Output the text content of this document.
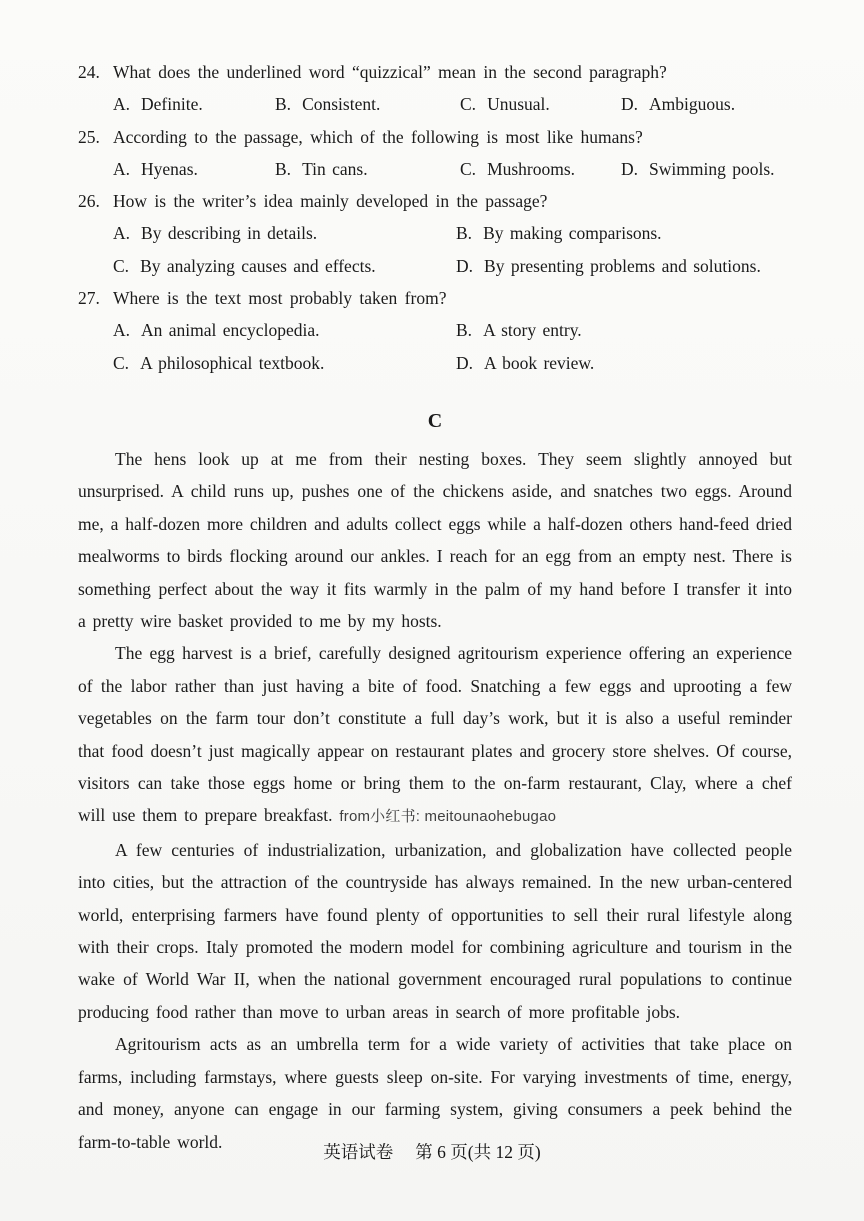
24. What does the underlined word “quizzical” mean in the second paragraph?
A. Definite.	B. Consistent.	C. Unusual.	D. Ambiguous.
25. According to the passage, which of the following is most like humans?
A. Hyenas.	B. Tin cans.	C. Mushrooms.	D. Swimming pools.
26. How is the writer’s idea mainly developed in the passage?
A. By describing in details.	B. By making comparisons.
C. By analyzing causes and effects.	D. By presenting problems and solutions.
27. Where is the text most probably taken from?
A. An animal encyclopedia.	B. A story entry.
C. A philosophical textbook.	D. A book review.
C

The hens look up at me from their nesting boxes. They seem slightly annoyed but unsurprised. A child runs up, pushes one of the chickens aside, and snatches two eggs. Around me, a half-dozen more children and adults collect eggs while a half-dozen others hand-feed dried mealworms to birds flocking around our ankles. I reach for an egg from an empty nest. There is something perfect about the way it fits warmly in the palm of my hand before I transfer it into a pretty wire basket provided to me by my hosts.

The egg harvest is a brief, carefully designed agritourism experience offering an experience of the labor rather than just having a bite of food. Snatching a few eggs and uprooting a few vegetables on the farm tour don’t constitute a full day’s work, but it is also a useful reminder that food doesn’t just magically appear on restaurant plates and grocery store shelves. Of course, visitors can take those eggs home or bring them to the on-farm restaurant, Clay, where a chef will use them to prepare breakfast. from小红书: meitounaohebugao

A few centuries of industrialization, urbanization, and globalization have collected people into cities, but the attraction of the countryside has always remained. In the new urban-centered world, enterprising farmers have found plenty of opportunities to sell their rural lifestyle along with their crops. Italy promoted the modern model for combining agriculture and tourism in the wake of World War II, when the national government encouraged rural populations to continue producing food rather than move to urban areas in search of more profitable jobs.

Agritourism acts as an umbrella term for a wide variety of activities that take place on farms, including farmstays, where guests sleep on-site. For varying investments of time, energy, and money, anyone can engage in our farming system, giving consumers a peek behind the farm-to-table world.

英语试卷 第 6 页(共 12 页)
